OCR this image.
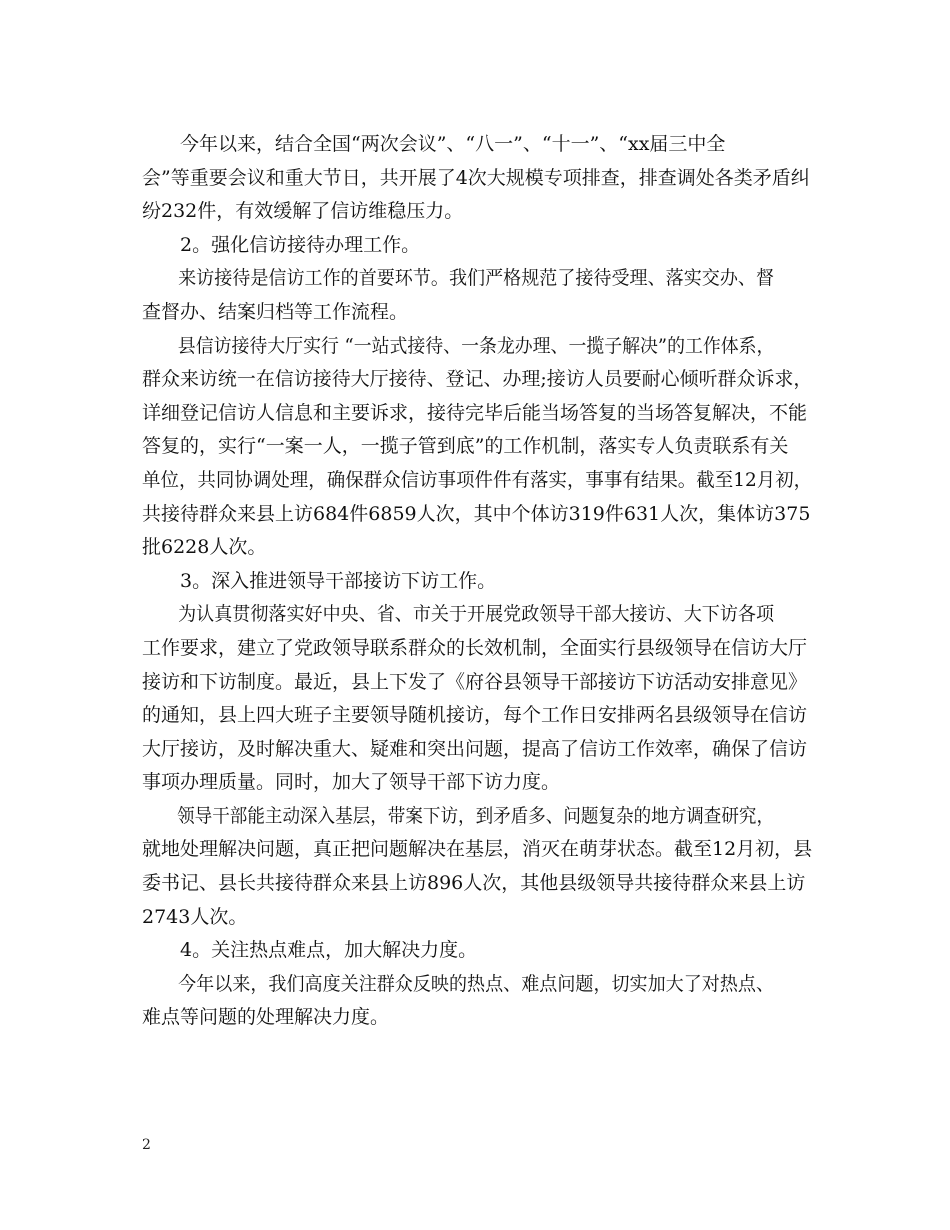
今年以来，结合全国“两次会议”、“八一”、“十一”、“xx届三中全
会”等重要会议和重大节日，共开展了4次大规模专项排查，排查调处各类矛盾纠
纷232件，有效缓解了信访维稳压力。

2。强化信访接待办理工作。

来访接待是信访工作的首要环节。我们严格规范了接待受理、落实交办、督
查督办、结案归档等工作流程。

县信访接待大厅实行 “一站式接待、一条龙办理、一揽子解决”的工作体系，
群众来访统一在信访接待大厅接待、登记、办理;接访人员要耐心倾听群众诉求，
详细登记信访人信息和主要诉求，接待完毕后能当场答复的当场答复解决，不能
答复的，实行“一案一人，一揽子管到底”的工作机制，落实专人负责联系有关
单位，共同协调处理，确保群众信访事项件件有落实，事事有结果。截至12月初，
共接待群众来县上访684件6859人次，其中个体访319件631人次，集体访375
批6228人次。

3。深入推进领导干部接访下访工作。

为认真贯彻落实好中央、省、市关于开展党政领导干部大接访、大下访各项
工作要求，建立了党政领导联系群众的长效机制，全面实行县级领导在信访大厅
接访和下访制度。最近，县上下发了《府谷县领导干部接访下访活动安排意见》
的通知，县上四大班子主要领导随机接访，每个工作日安排两名县级领导在信访
大厅接访，及时解决重大、疑难和突出问题，提高了信访工作效率，确保了信访
事项办理质量。同时，加大了领导干部下访力度。

领导干部能主动深入基层，带案下访，到矛盾多、问题复杂的地方调查研究，
就地处理解决问题，真正把问题解决在基层，消灭在萌芽状态。截至12月初，县
委书记、县长共接待群众来县上访896人次，其他县级领导共接待群众来县上访
2743人次。

4。关注热点难点，加大解决力度。

今年以来，我们高度关注群众反映的热点、难点问题，切实加大了对热点、
难点等问题的处理解决力度。

2
